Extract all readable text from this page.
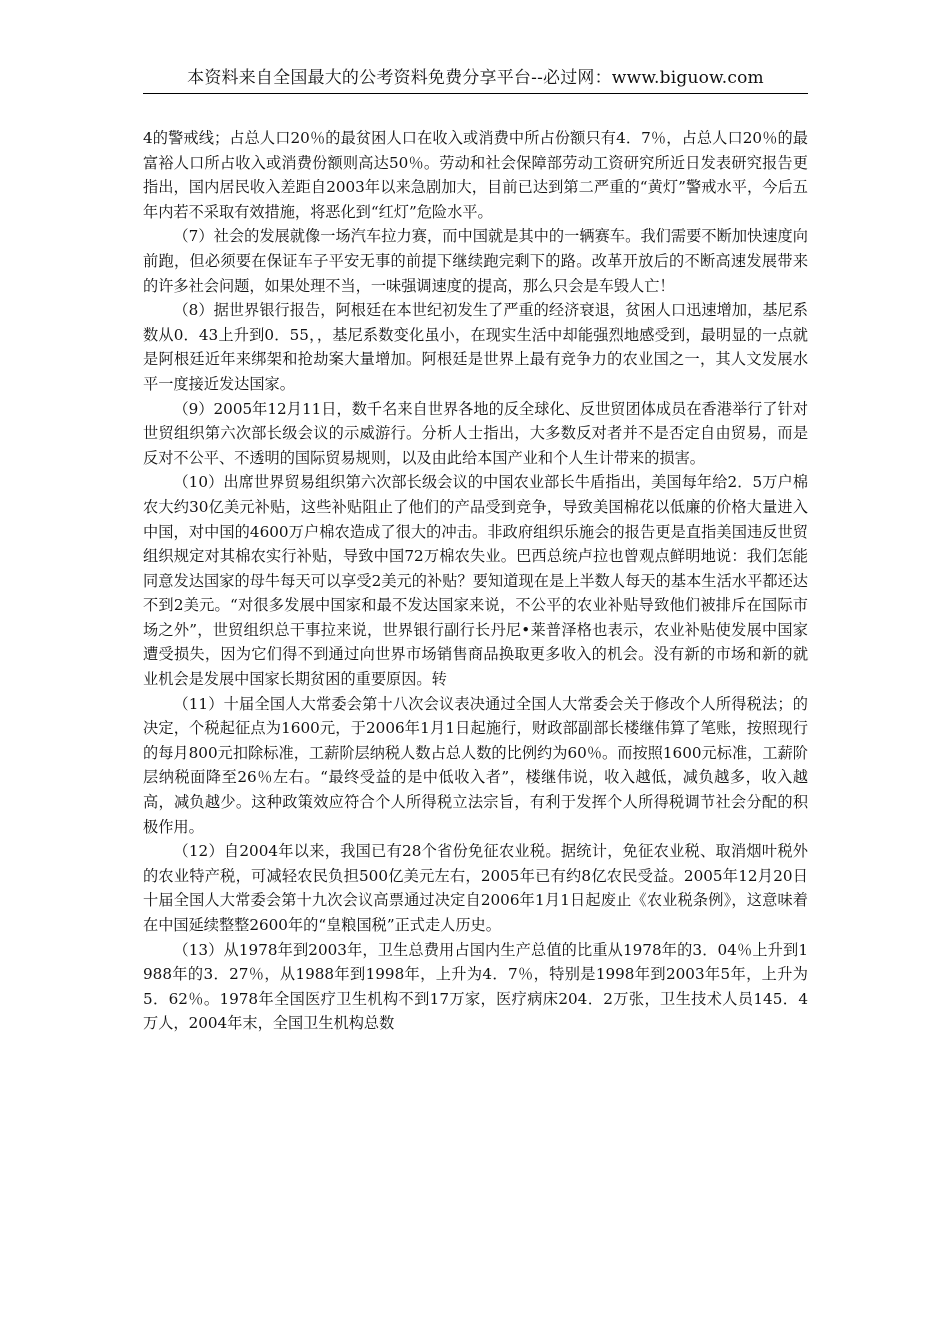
本资料来自全国最大的公考资料免费分享平台--必过网：www.biguow.com

4的警戒线；占总人口20％的最贫困人口在收入或消费中所占份额只有4．7％，占总人口20％的最富裕人口所占收入或消费份额则高达50％。劳动和社会保障部劳动工资研究所近日发表研究报告更指出，国内居民收入差距自2003年以来急剧加大，目前已达到第二严重的“黄灯”警戒水平，今后五年内若不采取有效措施，将恶化到“红灯”危险水平。

（7）社会的发展就像一场汽车拉力赛，而中国就是其中的一辆赛车。我们需要不断加快速度向前跑，但必须要在保证车子平安无事的前提下继续跑完剩下的路。改革开放后的不断高速发展带来的许多社会问题，如果处理不当，一味强调速度的提高，那么只会是车毁人亡！

（8）据世界银行报告，阿根廷在本世纪初发生了严重的经济衰退，贫困人口迅速增加，基尼系数从0．43上升到0．55，，基尼系数变化虽小，在现实生活中却能强烈地感受到，最明显的一点就是阿根廷近年来绑架和抢劫案大量增加。阿根廷是世界上最有竞争力的农业国之一，其人文发展水平一度接近发达国家。

（9）2005年12月11日，数千名来自世界各地的反全球化、反世贸团体成员在香港举行了针对世贸组织第六次部长级会议的示威游行。分析人士指出，大多数反对者并不是否定自由贸易，而是反对不公平、不透明的国际贸易规则，以及由此给本国产业和个人生计带来的损害。

（10）出席世界贸易组织第六次部长级会议的中国农业部长牛盾指出，美国每年给2．5万户棉农大约30亿美元补贴，这些补贴阻止了他们的产品受到竞争，导致美国棉花以低廉的价格大量进入中国，对中国的4600万户棉农造成了很大的冲击。非政府组织乐施会的报告更是直指美国违反世贸组织规定对其棉农实行补贴，导致中国72万棉农失业。巴西总统卢拉也曾观点鲜明地说：我们怎能同意发达国家的母牛每天可以享受2美元的补贴？要知道现在是上半数人每天的基本生活水平都还达不到2美元。“对很多发展中国家和最不发达国家来说，不公平的农业补贴导致他们被排斥在国际市场之外”，世贸组织总干事拉来说，世界银行副行长丹尼•莱普泽格也表示，农业补贴使发展中国家遭受损失，因为它们得不到通过向世界市场销售商品换取更多收入的机会。没有新的市场和新的就业机会是发展中国家长期贫困的重要原因。转

（11）十届全国人大常委会第十八次会议表决通过全国人大常委会关于修改个人所得税法；的决定，个税起征点为1600元，于2006年1月1日起施行，财政部副部长楼继伟算了笔账，按照现行的每月800元扣除标准，工薪阶层纳税人数占总人数的比例约为60％。而按照1600元标准，工薪阶层纳税面降至26％左右。“最终受益的是中低收入者”，楼继伟说，收入越低，减负越多，收入越高，减负越少。这种政策效应符合个人所得税立法宗旨，有利于发挥个人所得税调节社会分配的积极作用。

（12）自2004年以来，我国已有28个省份免征农业税。据统计，免征农业税、取消烟叶税外的农业特产税，可减轻农民负担500亿美元左右，2005年已有约8亿农民受益。2005年12月20日十届全国人大常委会第十九次会议高票通过决定自2006年1月1日起废止《农业税条例》，这意味着在中国延续整整2600年的“皇粮国税”正式走人历史。

（13）从1978年到2003年，卫生总费用占国内生产总值的比重从1978年的3．04％上升到1988年的3．27％，从1988年到1998年，上升为4．7％，特别是1998年到2003年5年，上升为5．62％。1978年全国医疗卫生机构不到17万家，医疗病床204．2万张，卫生技术人员145．4万人，2004年末，全国卫生机构总数
